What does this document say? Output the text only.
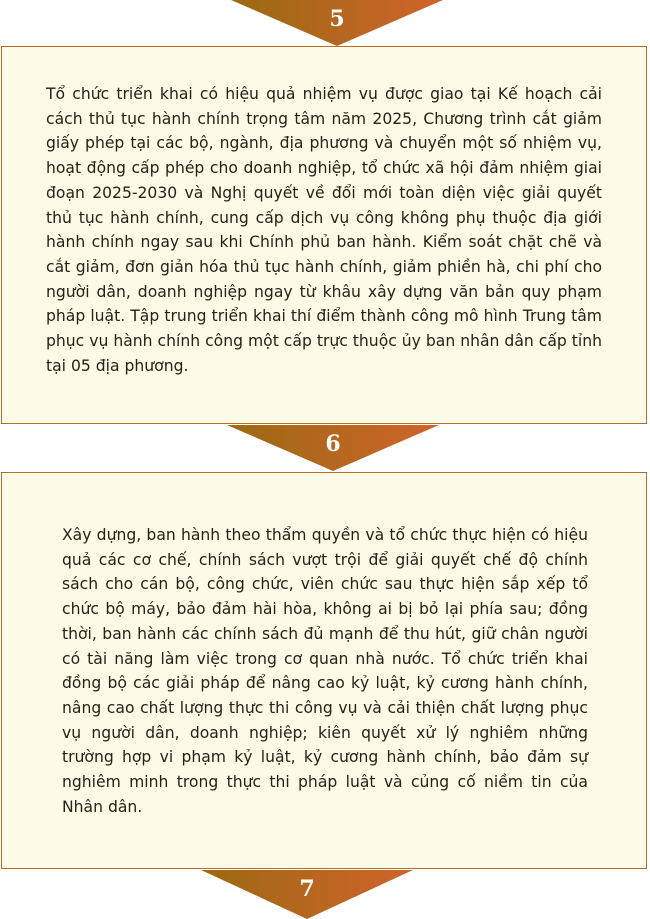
5

Tổ chức triển khai có hiệu quả nhiệm vụ được giao tại Kế hoạch cải cách thủ tục hành chính trọng tâm năm 2025, Chương trình cắt giảm giấy phép tại các bộ, ngành, địa phương và chuyển một số nhiệm vụ, hoạt động cấp phép cho doanh nghiệp, tổ chức xã hội đảm nhiệm giai đoạn 2025-2030 và Nghị quyết về đổi mới toàn diện việc giải quyết thủ tục hành chính, cung cấp dịch vụ công không phụ thuộc địa giới hành chính ngay sau khi Chính phủ ban hành. Kiểm soát chặt chẽ và cắt giảm, đơn giản hóa thủ tục hành chính, giảm phiền hà, chi phí cho người dân, doanh nghiệp ngay từ khâu xây dựng văn bản quy phạm pháp luật. Tập trung triển khai thí điểm thành công mô hình Trung tâm phục vụ hành chính công một cấp trực thuộc ủy ban nhân dân cấp tỉnh tại 05 địa phương.

6

Xây dựng, ban hành theo thẩm quyền và tổ chức thực hiện có hiệu quả các cơ chế, chính sách vượt trội để giải quyết chế độ chính sách cho cán bộ, công chức, viên chức sau thực hiện sắp xếp tổ chức bộ máy, bảo đảm hài hòa, không ai bị bỏ lại phía sau; đồng thời, ban hành các chính sách đủ mạnh để thu hút, giữ chân người có tài năng làm việc trong cơ quan nhà nước. Tổ chức triển khai đồng bộ các giải pháp để nâng cao kỷ luật, kỷ cương hành chính, nâng cao chất lượng thực thi công vụ và cải thiện chất lượng phục vụ người dân, doanh nghiệp; kiên quyết xử lý nghiêm những trường hợp vi phạm kỷ luật, kỷ cương hành chính, bảo đảm sự nghiêm minh trong thực thi pháp luật và củng cố niềm tin của Nhân dân.

7
